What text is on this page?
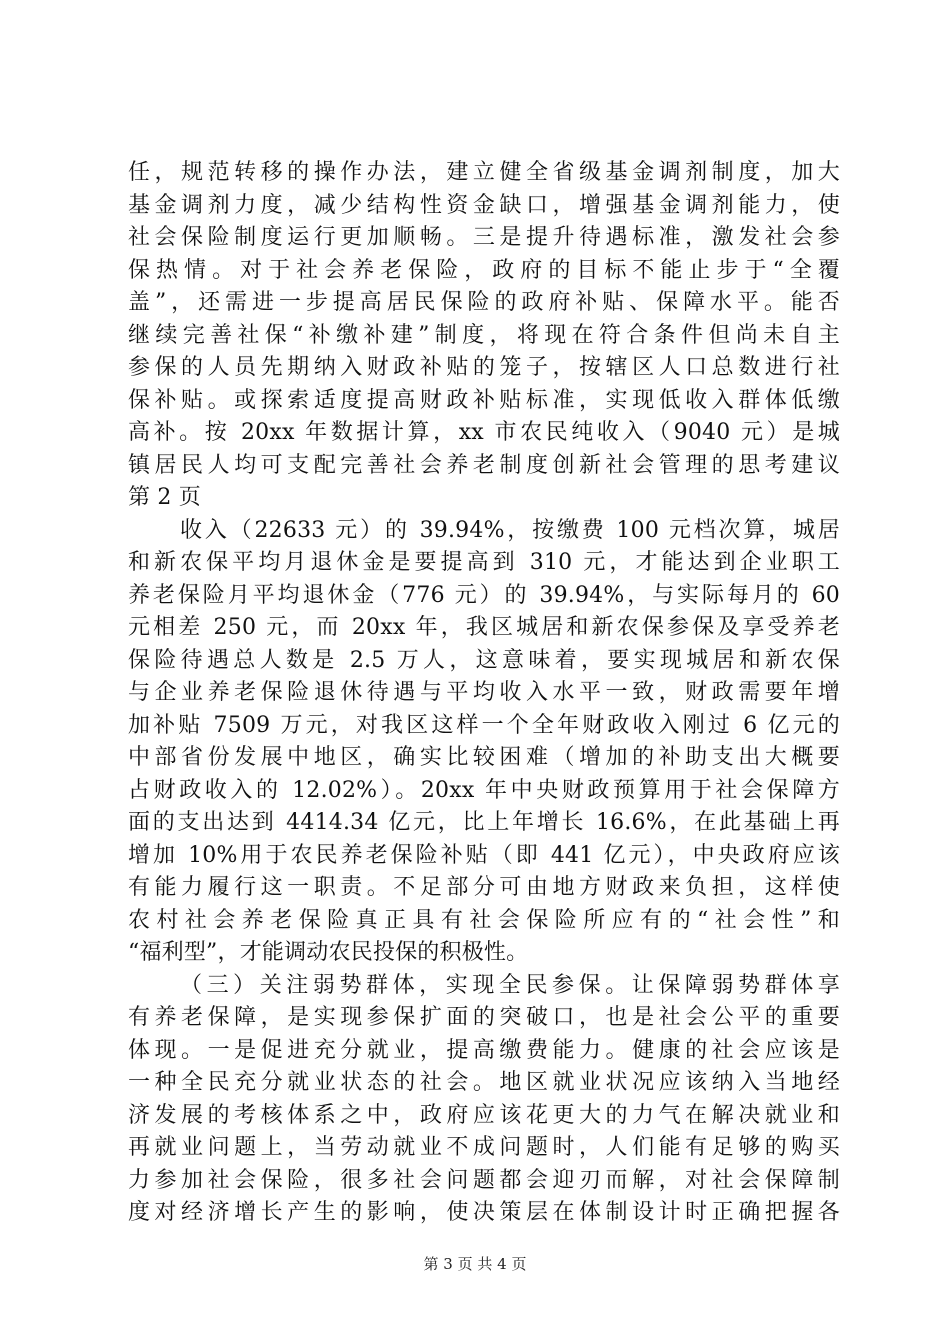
任，规范转移的操作办法，建立健全省级基金调剂制度，加大
基金调剂力度，减少结构性资金缺口，增强基金调剂能力，使
社会保险制度运行更加顺畅。三是提升待遇标准，激发社会参
保热情。对于社会养老保险，政府的目标不能止步于“全覆
盖”，还需进一步提高居民保险的政府补贴、保障水平。能否
继续完善社保“补缴补建”制度，将现在符合条件但尚未自主
参保的人员先期纳入财政补贴的笼子，按辖区人口总数进行社
保补贴。或探索适度提高财政补贴标准，实现低收入群体低缴
高补。按 20xx 年数据计算，xx 市农民纯收入（9040 元）是城
镇居民人均可支配完善社会养老制度创新社会管理的思考建议
第 2 页
收入（22633 元）的 39.94%，按缴费 100 元档次算，城居
和新农保平均月退休金是要提高到 310 元，才能达到企业职工
养老保险月平均退休金（776 元）的 39.94%，与实际每月的 60
元相差 250 元，而 20xx 年，我区城居和新农保参保及享受养老
保险待遇总人数是 2.5 万人，这意味着，要实现城居和新农保
与企业养老保险退休待遇与平均收入水平一致，财政需要年增
加补贴 7509 万元，对我区这样一个全年财政收入刚过 6 亿元的
中部省份发展中地区，确实比较困难（增加的补助支出大概要
占财政收入的 12.02%）。20xx 年中央财政预算用于社会保障方
面的支出达到 4414.34 亿元，比上年增长 16.6%，在此基础上再
增加 10%用于农民养老保险补贴（即 441 亿元），中央政府应该
有能力履行这一职责。不足部分可由地方财政来负担，这样使
农村社会养老保险真正具有社会保险所应有的“社会性”和
“福利型”，才能调动农民投保的积极性。
（三）关注弱势群体，实现全民参保。让保障弱势群体享
有养老保障，是实现参保扩面的突破口，也是社会公平的重要
体现。一是促进充分就业，提高缴费能力。健康的社会应该是
一种全民充分就业状态的社会。地区就业状况应该纳入当地经
济发展的考核体系之中，政府应该花更大的力气在解决就业和
再就业问题上，当劳动就业不成问题时，人们能有足够的购买
力参加社会保险，很多社会问题都会迎刃而解，对社会保障制
度对经济增长产生的影响，使决策层在体制设计时正确把握各
第 3 页 共 4 页
